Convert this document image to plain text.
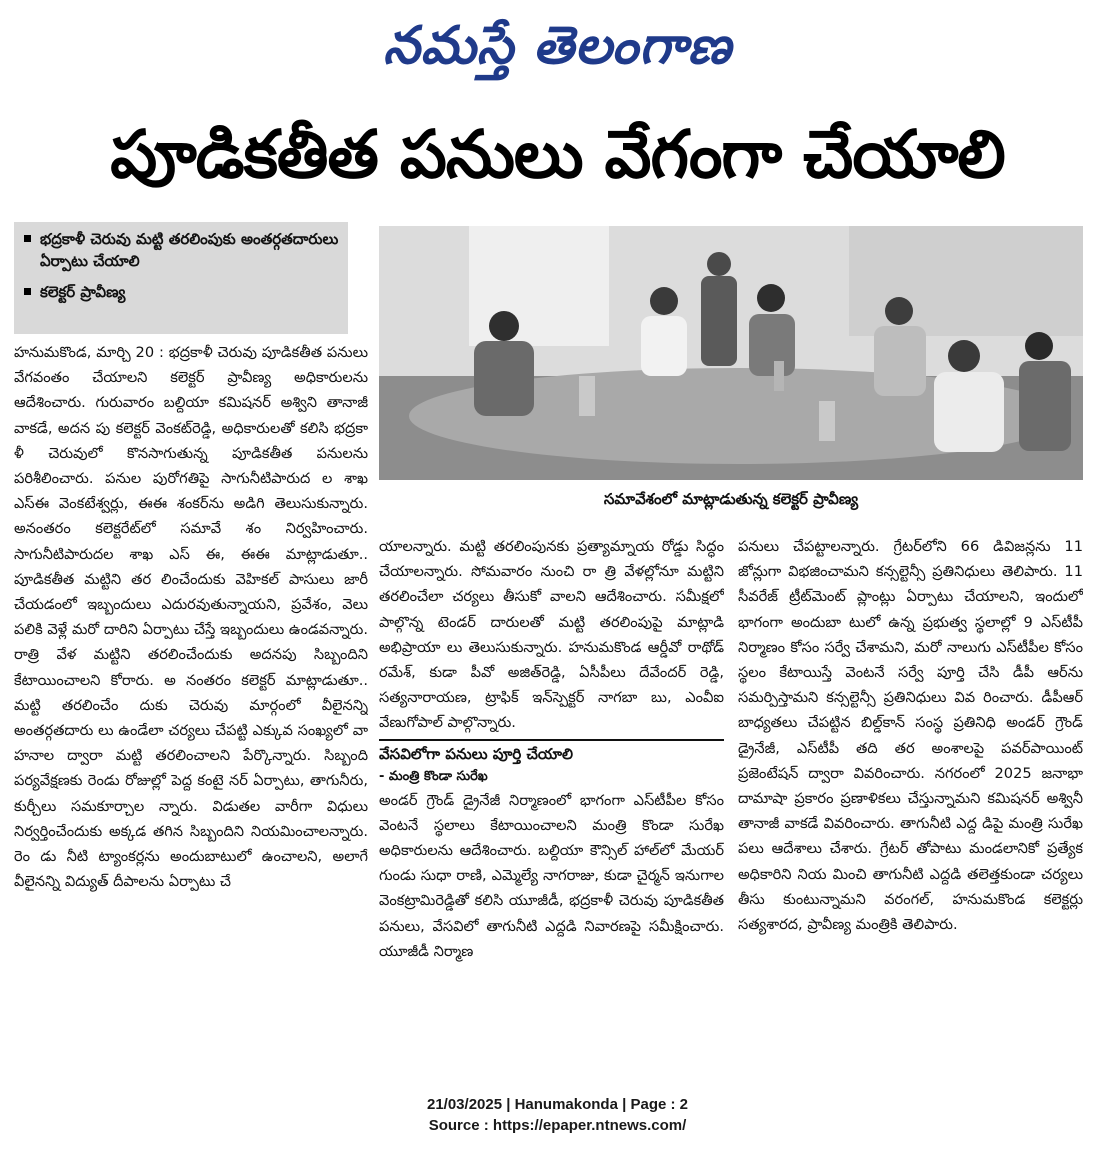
నమస్తే తెలంగాణ
పూడికతీత పనులు వేగంగా చేయాలి
భద్రకాళీ చెరువు మట్టి తరలింపుకు అంతర్గతదారులు ఏర్పాటు చేయాలి
కలెక్టర్ ప్రావీణ్య
సమావేశంలో మాట్లాడుతున్న కలెక్టర్ ప్రావీణ్య
హనుమకొండ, మార్చి 20 : భద్రకాళీ చెరువు పూడికతీత పనులు వేగవంతం చేయాలని కలెక్టర్ ప్రావీణ్య అధికారులను ఆదేశించారు. గురువారం బల్దియా కమిషనర్ అశ్విని తానాజీ వాకడే, అదన పు కలెక్టర్ వెంకట్‌రెడ్డి, అధికారులతో కలిసి భద్రకా ళీ చెరువులో కొనసాగుతున్న పూడికతీత పనులను పరిశీలించారు. పనుల పురోగతిపై సాగునీటిపారుద ల శాఖ ఎస్‌ఈ వెంకటేశ్వర్లు, ఈఈ శంకర్‌ను అడిగి తెలుసుకున్నారు. అనంతరం కలెక్టరేట్‌లో సమావే శం నిర్వహించారు. సాగునీటిపారుదల శాఖ ఎస్ ఈ, ఈఈ మాట్లాడుతూ.. పూడికతీత మట్టిని తర లించేందుకు వెహికల్ పాసులు జారీ చేయడంలో ఇబ్బందులు ఎదురవుతున్నాయని, ప్రవేశం, వెలు పలికి వెళ్లే మరో దారిని ఏర్పాటు చేస్తే ఇబ్బందులు ఉండవన్నారు. రాత్రి వేళ మట్టిని తరలించేందుకు అదనపు సిబ్బందిని కేటాయించాలని కోరారు. అ నంతరం కలెక్టర్ మాట్లాడుతూ.. మట్టి తరలించేం దుకు చెరువు మార్గంలో వీలైనన్ని అంతర్గతదారు లు ఉండేలా చర్యలు చేపట్టి ఎక్కువ సంఖ్యలో వా హనాల ద్వారా మట్టి తరలించాలని పేర్కొన్నారు. సిబ్బంది పర్యవేక్షణకు రెండు రోజుల్లో పెద్ద కంటై నర్ ఏర్పాటు, తాగునీరు, కుర్చీలు సమకూర్చాల న్నారు. విడుతల వారీగా విధులు నిర్వర్తించేందుకు అక్కడ తగిన సిబ్బందిని నియమించాలన్నారు. రెం డు నీటి ట్యాంకర్లను అందుబాటులో ఉంచాలని, అలాగే వీలైనన్ని విద్యుత్ దీపాలను ఏర్పాటు చే
యాలన్నారు. మట్టి తరలింపునకు ప్రత్యామ్నాయ రోడ్డు సిద్ధం చేయాలన్నారు. సోమవారం నుంచి రా త్రి వేళల్లోనూ మట్టిని తరలించేలా చర్యలు తీసుకో వాలని ఆదేశించారు. సమీక్షలో పాల్గొన్న టెండర్ దారులతో మట్టి తరలింపుపై మాట్లాడి అభిప్రాయా లు తెలుసుకున్నారు. హనుమకొండ ఆర్డీవో రాథోడ్ రమేశ్, కుడా పీవో అజిత్‌రెడ్డి, ఏసీపీలు దేవేందర్ రెడ్డి, సత్యనారాయణ, ట్రాఫిక్ ఇన్‌స్పెక్టర్ నాగబా బు, ఎంవీఐ వేణుగోపాల్ పాల్గొన్నారు.
వేసవిలోగా పనులు పూర్తి చేయాలి
- మంత్రి కొండా సురేఖ
అండర్ గ్రౌండ్ డ్రైనేజీ నిర్మాణంలో భాగంగా ఎస్‌టీపీల కోసం వెంటనే స్థలాలు కేటాయించాలని మంత్రి కొండా సురేఖ అధికారులను ఆదేశించారు. బల్దియా కౌన్సిల్ హాల్‌లో మేయర్ గుండు సుధా రాణి, ఎమ్మెల్యే నాగరాజు, కుడా చైర్మన్ ఇనుగాల వెంకట్రామిరెడ్డితో కలిసి యూజీడీ, భద్రకాళీ చెరువు పూడికతీత పనులు, వేసవిలో తాగునీటి ఎద్దడి నివారణపై సమీక్షించారు. యూజీడీ నిర్మాణ
పనులు చేపట్టాలన్నారు. గ్రేటర్‌లోని 66 డివిజన్లను 11 జోన్లుగా విభజించామని కన్సల్టెన్సీ ప్రతినిధులు తెలిపారు. 11 సీవరేజ్ ట్రీట్‌మెంట్ ప్లాంట్లు ఏర్పాటు చేయాలని, ఇందులో భాగంగా అందుబా టులో ఉన్న ప్రభుత్వ స్థలాల్లో 9 ఎస్‌టీపీ నిర్మాణం కోసం సర్వే చేశామని, మరో నాలుగు ఎస్‌టీపీల కోసం స్థలం కేటాయిస్తే వెంటనే సర్వే పూర్తి చేసి డీపీ ఆర్‌ను సమర్పిస్తామని కన్సల్టెన్సీ ప్రతినిధులు వివ రించారు. డీపీఆర్ బాధ్యతలు చేపట్టిన బిల్డ్‌కాన్ సంస్థ ప్రతినిధి అండర్ గ్రౌండ్ డ్రైనేజీ, ఎస్‌టీపీ తది తర అంశాలపై పవర్‌పాయింట్ ప్రజెంటేషన్ ద్వారా వివరించారు. నగరంలో 2025 జనాభా దామాషా ప్రకారం ప్రణాళికలు చేస్తున్నామని కమిషనర్ అశ్వినీ తానాజీ వాకడే వివరించారు. తాగునీటి ఎద్ద డిపై మంత్రి సురేఖ పలు ఆదేశాలు చేశారు. గ్రేటర్ తోపాటు మండలానికో ప్రత్యేక అధికారిని నియ మించి తాగునీటి ఎద్దడి తలెత్తకుండా చర్యలు తీసు కుంటున్నామని వరంగల్, హనుమకొండ కలెక్టర్లు సత్యశారద, ప్రావీణ్య మంత్రికి తెలిపారు.
21/03/2025 | Hanumakonda | Page : 2
Source : https://epaper.ntnews.com/
